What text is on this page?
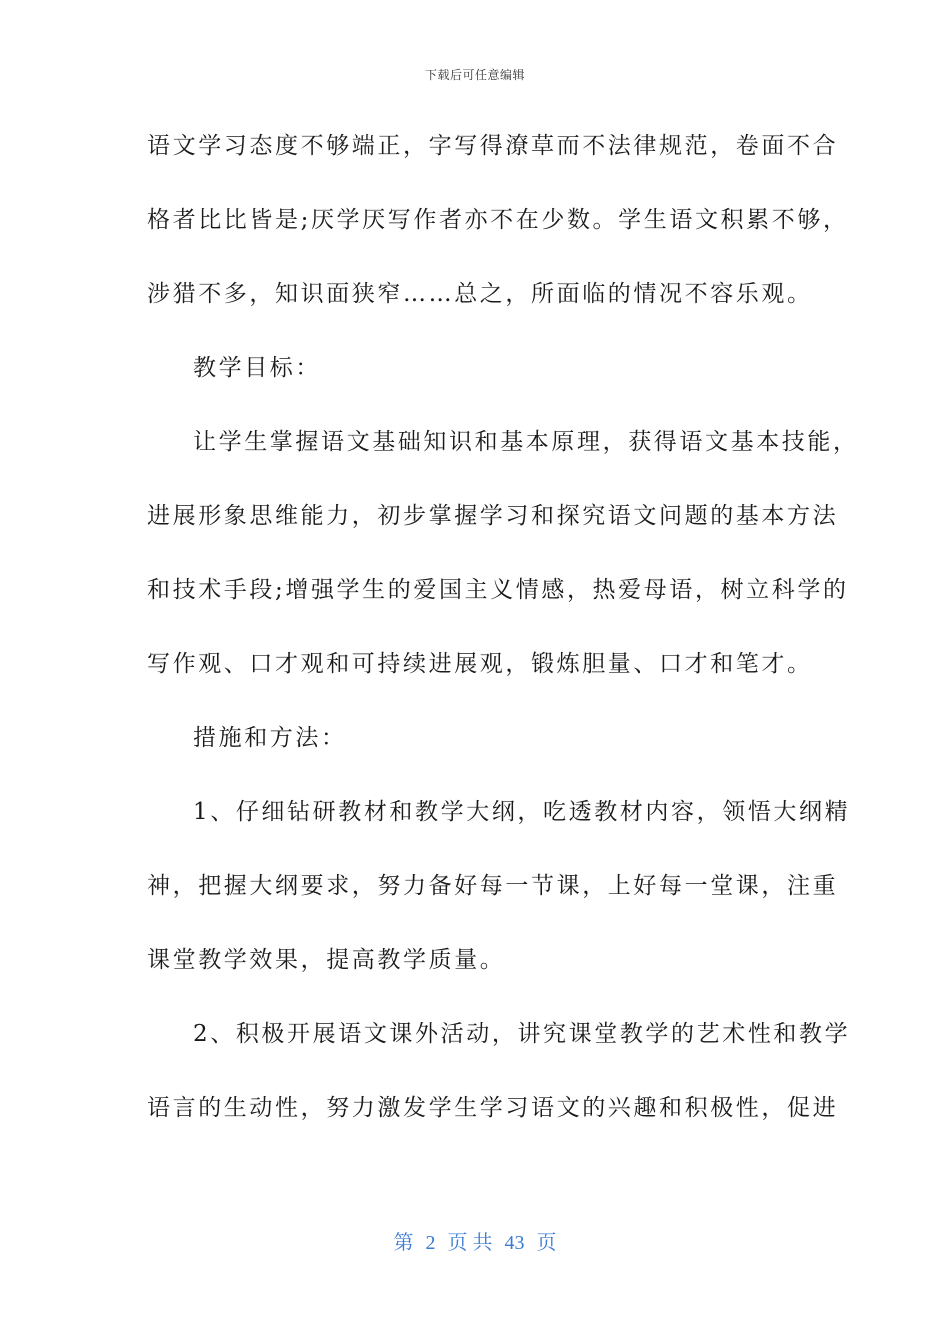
下载后可任意编辑
语文学习态度不够端正，字写得潦草而不法律规范，卷面不合
格者比比皆是;厌学厌写作者亦不在少数。学生语文积累不够，
涉猎不多，知识面狭窄……总之，所面临的情况不容乐观。
教学目标：
让学生掌握语文基础知识和基本原理，获得语文基本技能，
进展形象思维能力，初步掌握学习和探究语文问题的基本方法
和技术手段;增强学生的爱国主义情感，热爱母语，树立科学的
写作观、口才观和可持续进展观，锻炼胆量、口才和笔才。
措施和方法：
1、仔细钻研教材和教学大纲，吃透教材内容，领悟大纲精
神，把握大纲要求，努力备好每一节课，上好每一堂课，注重
课堂教学效果，提高教学质量。
2、积极开展语文课外活动，讲究课堂教学的艺术性和教学
语言的生动性，努力激发学生学习语文的兴趣和积极性，促进
第 2 页 共 43 页
